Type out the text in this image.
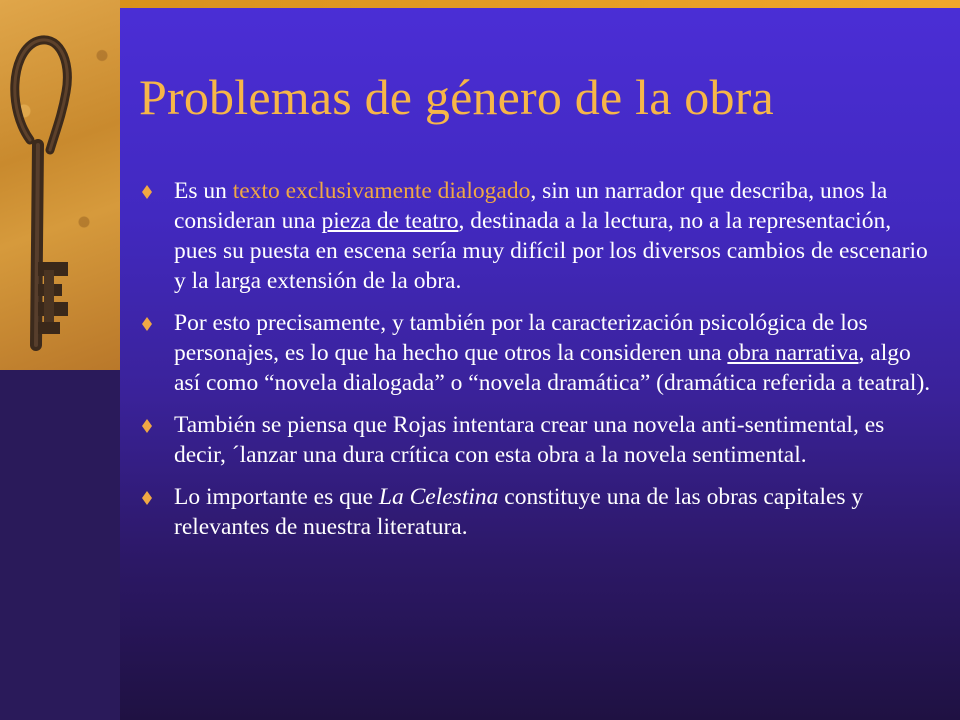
Problemas de género de la obra
Es un texto exclusivamente dialogado, sin un narrador que describa, unos la consideran una pieza de teatro, destinada a la lectura, no a la representación, pues su puesta en escena sería muy difícil por los diversos cambios de escenario y la larga extensión de la obra.
Por esto precisamente, y también por la caracterización psicológica de los personajes, es lo que ha hecho que otros la consideren una obra narrativa, algo así como “novela dialogada” o “novela dramática” (dramática referida a teatral).
También se piensa que Rojas intentara crear una novela anti-sentimental, es decir, ´lanzar una dura crítica con esta obra a la novela sentimental.
Lo importante es que La Celestina constituye una de las obras capitales y relevantes de nuestra literatura.
